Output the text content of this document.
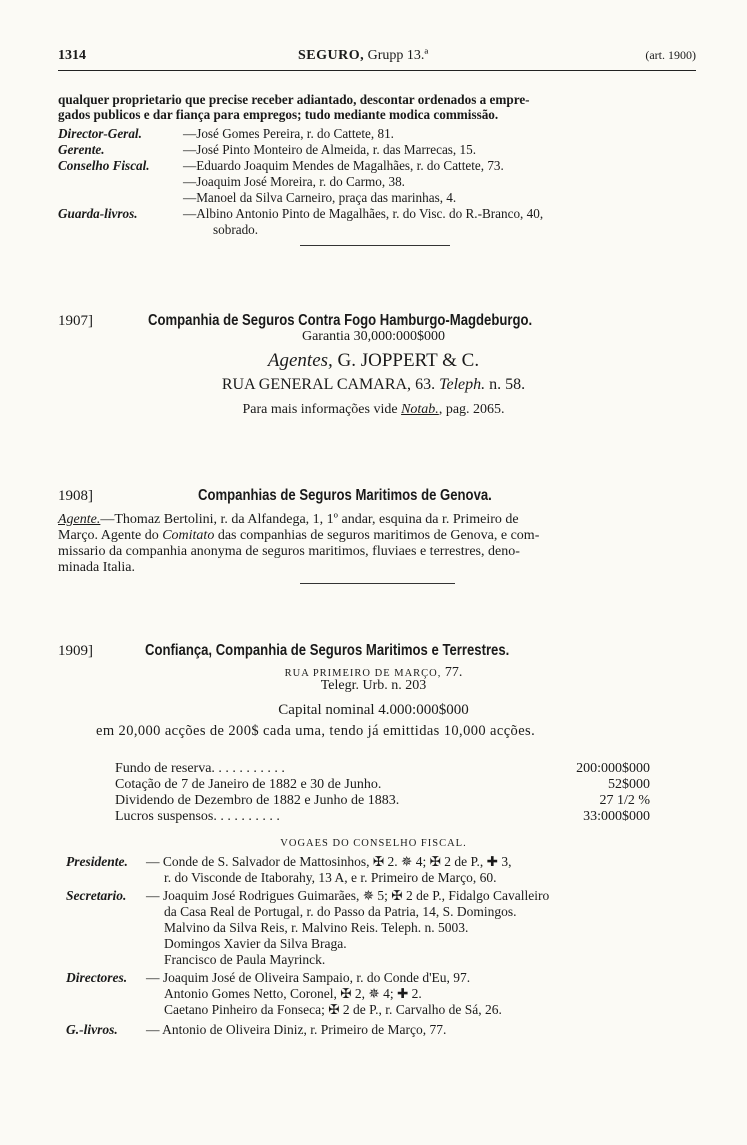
1314	SEGURO, Grupp 13.ª	(art. 1900)
qualquer proprietario que precise receber adiantado, descontar ordenados a empre-
gados publicos e dar fiança para empregos; tudo mediante modica commissão.
Director-Geral.	—José Gomes Pereira, r. do Cattete, 81.
Gerente.	—José Pinto Monteiro de Almeida, r. das Marrecas, 15.
Conselho Fiscal.	—Eduardo Joaquim Mendes de Magalhães, r. do Cattete, 73.
—Joaquim José Moreira, r. do Carmo, 38.
—Manoel da Silva Carneiro, praça das marinhas, 4.
Guarda-livros.	—Albino Antonio Pinto de Magalhães, r. do Visc. do R.-Branco, 40,
sobrado.
1907]	Companhia de Seguros Contra Fogo Hamburgo-Magdeburgo.
Garantia 30,000:000$000
Agentes, G. JOPPERT & C.
RUA GENERAL CAMARA, 63. Teleph. n. 58.
Para mais informações vide Notab., pag. 2065.
1908]	Companhias de Seguros Maritimos de Genova.
Agente.—Thomaz Bertolini, r. da Alfandega, 1, 1º andar, esquina da r. Primeiro de
Março. Agente do Comitato das companhias de seguros maritimos de Genova, e com-
missario da companhia anonyma de seguros maritimos, fluviaes e terrestres, deno-
minada Italia.
1909]	Confiança, Companhia de Seguros Maritimos e Terrestres.
RUA PRIMEIRO DE MARÇO, 77.
Telegr. Urb. n. 203
Capital nominal 4.000:000$000
em 20,000 acções de 200$ cada uma, tendo já emittidas 10,000 acções.
Fundo de reserva. . . . . . . . . . .	200:000$000
Cotação de 7 de Janeiro de 1882 e 30 de Junho.	52$000
Dividendo de Dezembro de 1882 e Junho de 1883.	27 1/2 %
Lucros suspensos. . . . . . . . . .	33:000$000
VOGAES DO CONSELHO FISCAL.
Presidente. — Conde de S. Salvador de Mattosinhos, ✠ 2. ✵ 4; ✠ 2 de P., ✚ 3,
r. do Visconde de Itaborahy, 13 A, e r. Primeiro de Março, 60.
Secretario. — Joaquim José Rodrigues Guimarães, ✵ 5; ✠ 2 de P., Fidalgo Cavalleiro
da Casa Real de Portugal, r. do Passo da Patria, 14, S. Domingos.
Malvino da Silva Reis, r. Malvino Reis. Teleph. n. 5003.
Domingos Xavier da Silva Braga.
Francisco de Paula Mayrinck.
Directores. — Joaquim José de Oliveira Sampaio, r. do Conde d'Eu, 97.
Antonio Gomes Netto, Coronel, ✠ 2, ✵ 4; ✚ 2.
Caetano Pinheiro da Fonseca; ✠ 2 de P., r. Carvalho de Sá, 26.
G.-livros. — Antonio de Oliveira Diniz, r. Primeiro de Março, 77.
